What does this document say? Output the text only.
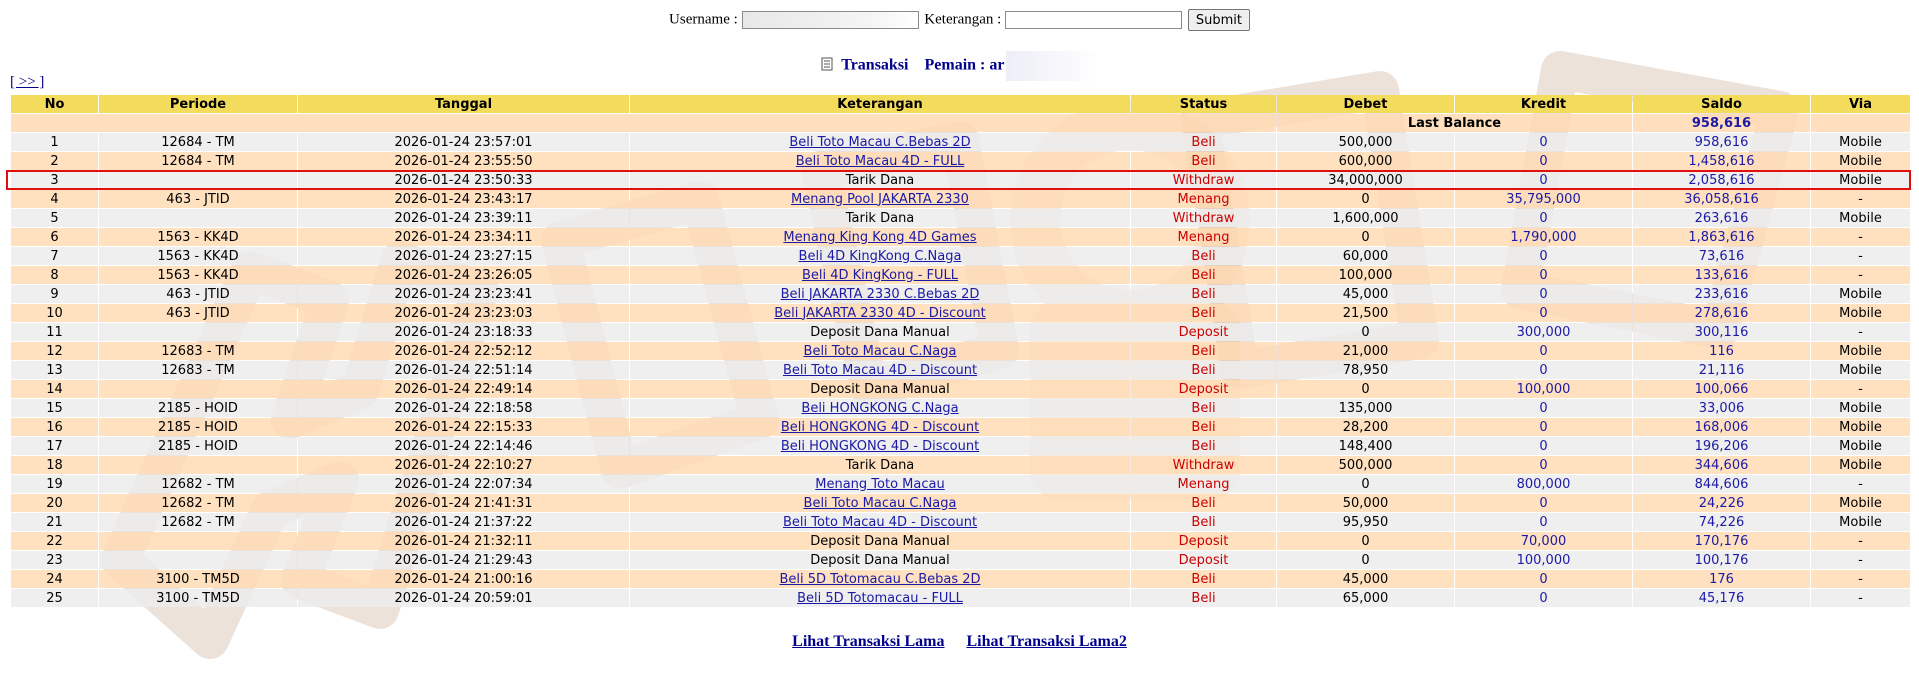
Username :	Keterangan :	Submit
Transaksi Pemain : ar
[ >> ]
No	Periode	Tanggal	Keterangan	Status	Debet	Kredit	Saldo	Via
					Last Balance		958,616	
1	12684 - TM	2026-01-24 23:57:01	Beli Toto Macau C.Bebas 2D	Beli	500,000	0	958,616	Mobile
2	12684 - TM	2026-01-24 23:55:50	Beli Toto Macau 4D - FULL	Beli	600,000	0	1,458,616	Mobile
3		2026-01-24 23:50:33	Tarik Dana	Withdraw	34,000,000	0	2,058,616	Mobile
4	463 - JTID	2026-01-24 23:43:17	Menang Pool JAKARTA 2330	Menang	0	35,795,000	36,058,616	-
5		2026-01-24 23:39:11	Tarik Dana	Withdraw	1,600,000	0	263,616	Mobile
6	1563 - KK4D	2026-01-24 23:34:11	Menang King Kong 4D Games	Menang	0	1,790,000	1,863,616	-
7	1563 - KK4D	2026-01-24 23:27:15	Beli 4D KingKong C.Naga	Beli	60,000	0	73,616	-
8	1563 - KK4D	2026-01-24 23:26:05	Beli 4D KingKong - FULL	Beli	100,000	0	133,616	-
9	463 - JTID	2026-01-24 23:23:41	Beli JAKARTA 2330 C.Bebas 2D	Beli	45,000	0	233,616	Mobile
10	463 - JTID	2026-01-24 23:23:03	Beli JAKARTA 2330 4D - Discount	Beli	21,500	0	278,616	Mobile
11		2026-01-24 23:18:33	Deposit Dana Manual	Deposit	0	300,000	300,116	-
12	12683 - TM	2026-01-24 22:52:12	Beli Toto Macau C.Naga	Beli	21,000	0	116	Mobile
13	12683 - TM	2026-01-24 22:51:14	Beli Toto Macau 4D - Discount	Beli	78,950	0	21,116	Mobile
14		2026-01-24 22:49:14	Deposit Dana Manual	Deposit	0	100,000	100,066	-
15	2185 - HOID	2026-01-24 22:18:58	Beli HONGKONG C.Naga	Beli	135,000	0	33,006	Mobile
16	2185 - HOID	2026-01-24 22:15:33	Beli HONGKONG 4D - Discount	Beli	28,200	0	168,006	Mobile
17	2185 - HOID	2026-01-24 22:14:46	Beli HONGKONG 4D - Discount	Beli	148,400	0	196,206	Mobile
18		2026-01-24 22:10:27	Tarik Dana	Withdraw	500,000	0	344,606	Mobile
19	12682 - TM	2026-01-24 22:07:34	Menang Toto Macau	Menang	0	800,000	844,606	-
20	12682 - TM	2026-01-24 21:41:31	Beli Toto Macau C.Naga	Beli	50,000	0	24,226	Mobile
21	12682 - TM	2026-01-24 21:37:22	Beli Toto Macau 4D - Discount	Beli	95,950	0	74,226	Mobile
22		2026-01-24 21:32:11	Deposit Dana Manual	Deposit	0	70,000	170,176	-
23		2026-01-24 21:29:43	Deposit Dana Manual	Deposit	0	100,000	100,176	-
24	3100 - TM5D	2026-01-24 21:00:16	Beli 5D Totomacau C.Bebas 2D	Beli	45,000	0	176	-
25	3100 - TM5D	2026-01-24 20:59:01	Beli 5D Totomacau - FULL	Beli	65,000	0	45,176	-
Lihat Transaksi Lama Lihat Transaksi Lama2
